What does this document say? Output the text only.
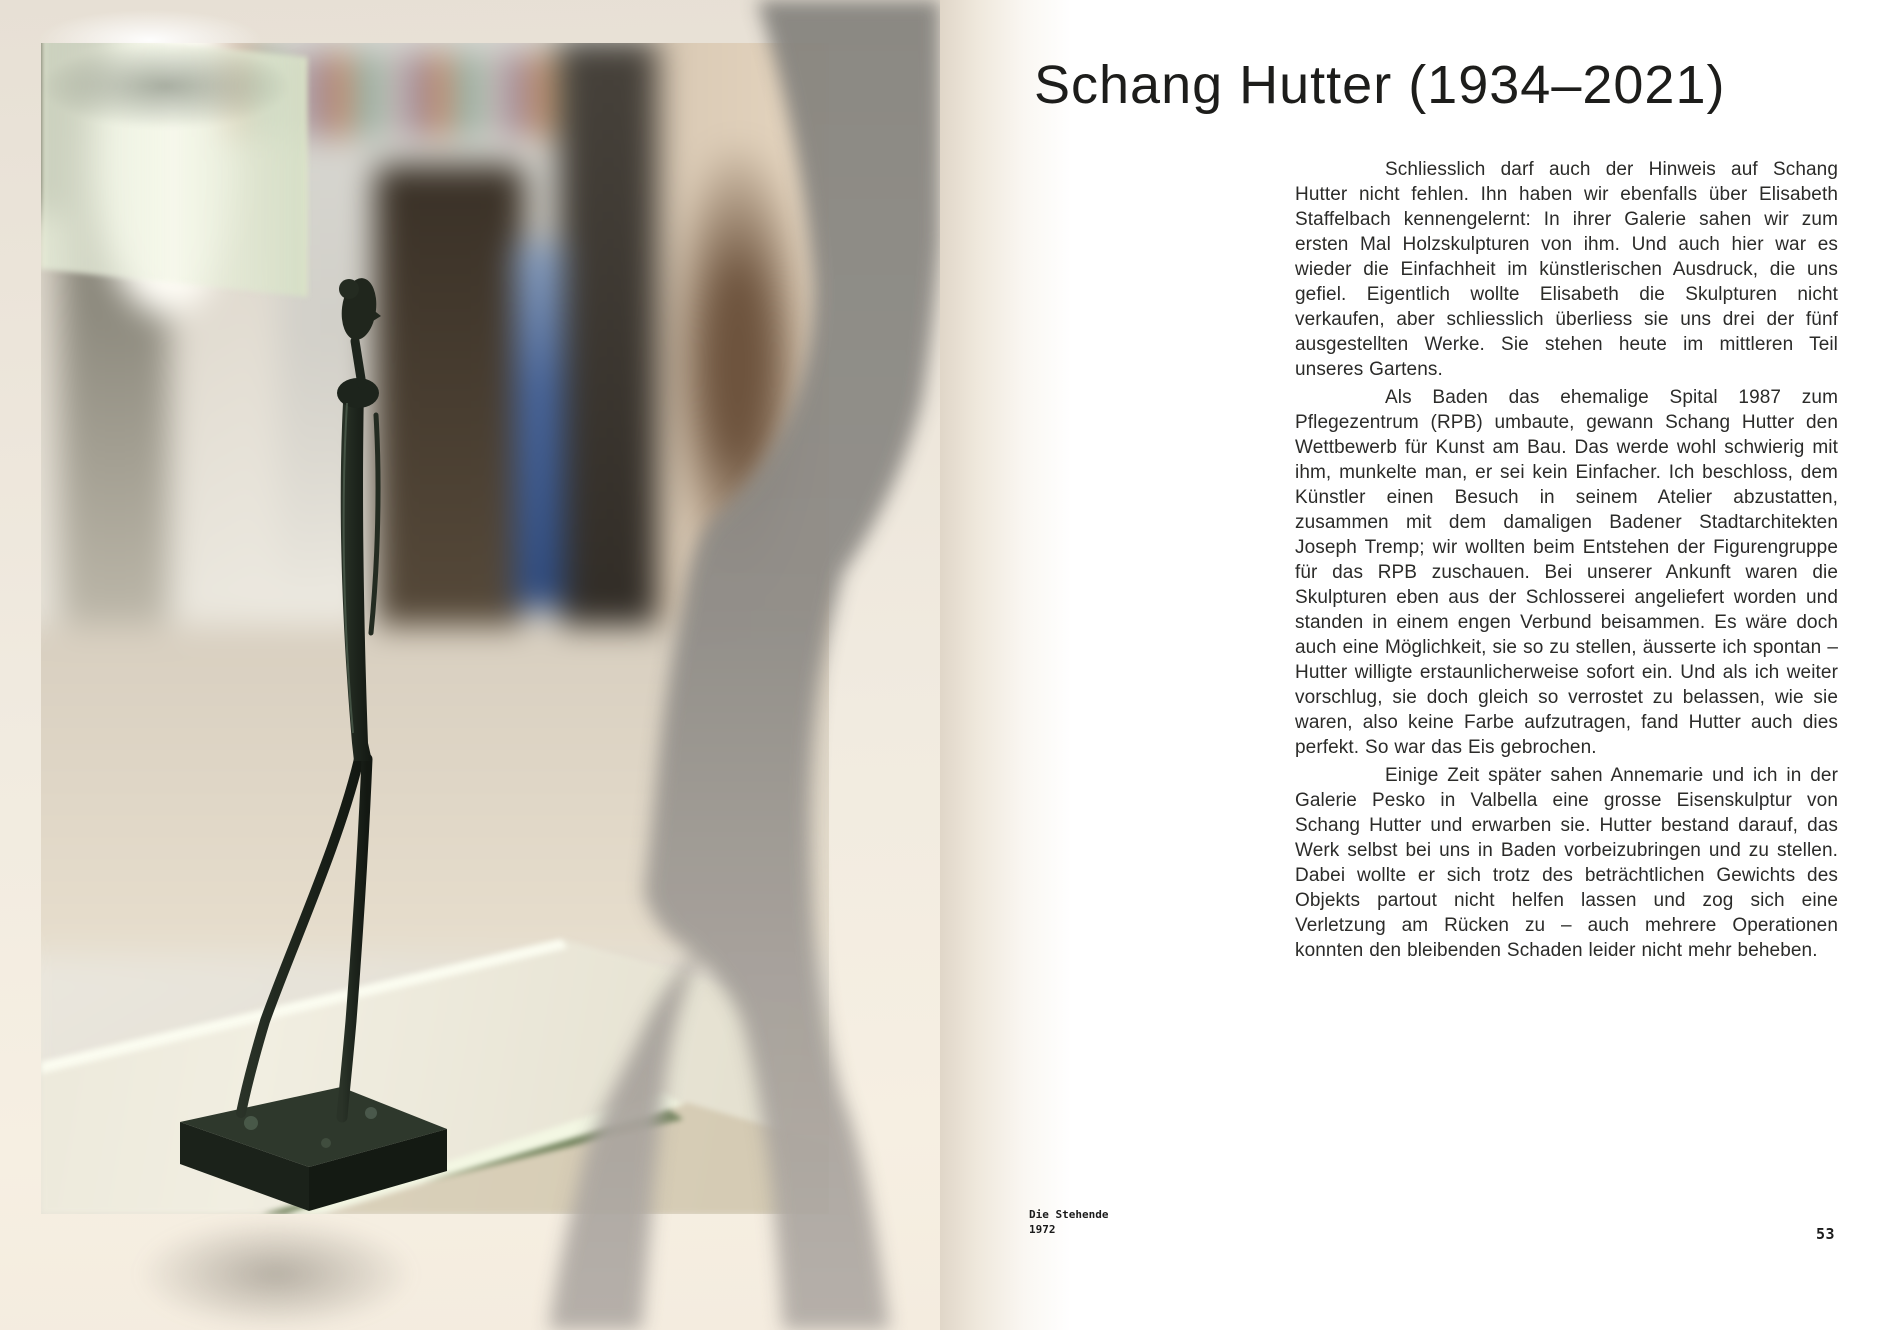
Schang Hutter (1934–2021)

Schliesslich darf auch der Hinweis auf Schang Hutter nicht fehlen. Ihn haben wir ebenfalls über Elisabeth Staffelbach kennengelernt: In ihrer Galerie sahen wir zum ersten Mal Holzskulpturen von ihm. Und auch hier war es wieder die Einfachheit im künstlerischen Ausdruck, die uns gefiel. Eigentlich wollte Elisabeth die Skulpturen nicht verkaufen, aber schliesslich überliess sie uns drei der fünf ausgestellten Werke. Sie stehen heute im mittleren Teil unseres Gartens.

Als Baden das ehemalige Spital 1987 zum Pflegezentrum (RPB) umbaute, gewann Schang Hutter den Wettbewerb für Kunst am Bau. Das werde wohl schwierig mit ihm, munkelte man, er sei kein Einfacher. Ich beschloss, dem Künstler einen Besuch in seinem Atelier abzustatten, zusammen mit dem damaligen Badener Stadtarchitekten Joseph Tremp; wir wollten beim Entstehen der Figurengruppe für das RPB zuschauen. Bei unserer Ankunft waren die Skulpturen eben aus der Schlosserei angeliefert worden und standen in einem engen Verbund beisammen. Es wäre doch auch eine Möglichkeit, sie so zu stellen, äusserte ich spontan – Hutter willigte erstaunlicherweise sofort ein. Und als ich weiter vorschlug, sie doch gleich so verrostet zu belassen, wie sie waren, also keine Farbe aufzutragen, fand Hutter auch dies perfekt. So war das Eis gebrochen.

Einige Zeit später sahen Annemarie und ich in der Galerie Pesko in Valbella eine grosse Eisenskulptur von Schang Hutter und erwarben sie. Hutter bestand darauf, das Werk selbst bei uns in Baden vorbeizubringen und zu stellen. Dabei wollte er sich trotz des beträchtlichen Gewichts des Objekts partout nicht helfen lassen und zog sich eine Verletzung am Rücken zu – auch mehrere Operationen konnten den bleibenden Schaden leider nicht mehr beheben.

Die Stehende
1972	53
